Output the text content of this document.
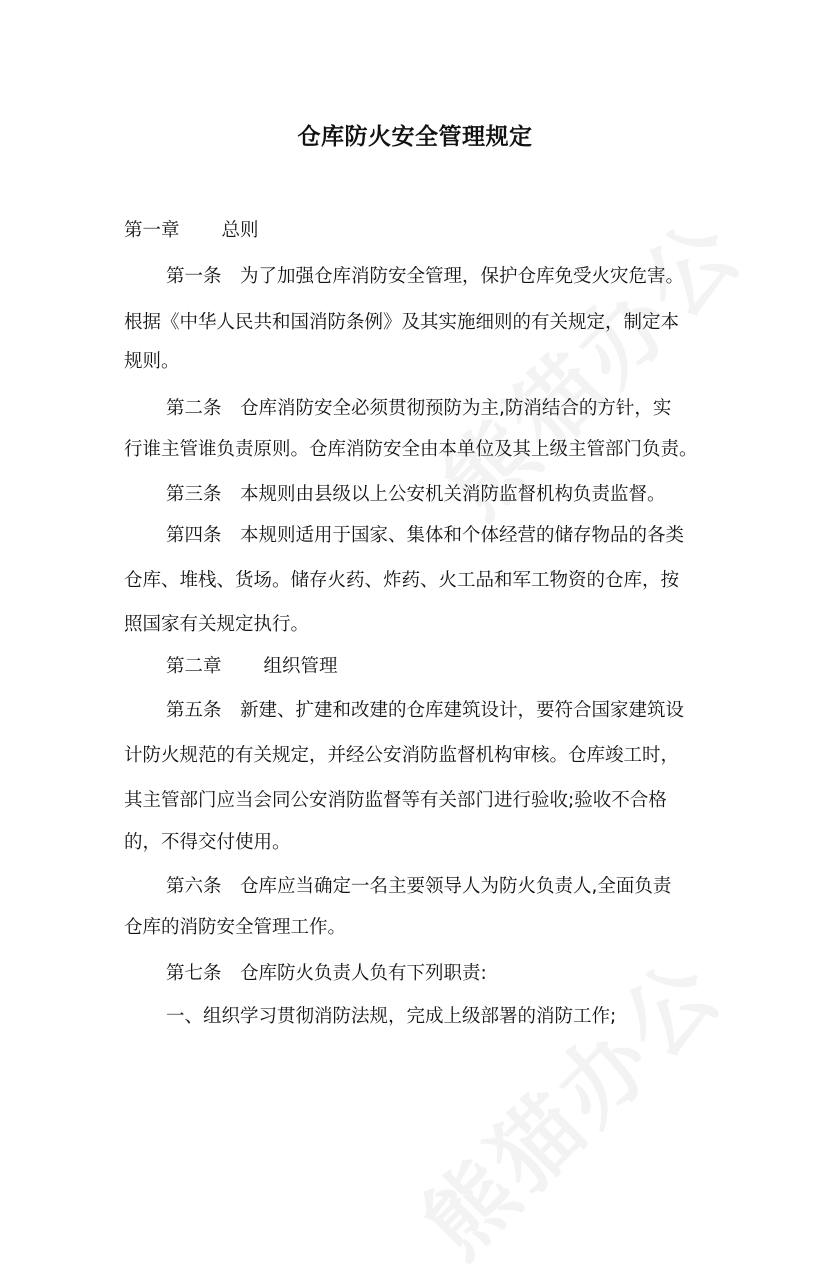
仓库防火安全管理规定
第一章 总则
第一条　为了加强仓库消防安全管理，保护仓库免受火灾危害。
根据《中华人民共和国消防条例》及其实施细则的有关规定，制定本
规则。
第二条　仓库消防安全必须贯彻预防为主,防消结合的方针，实
行谁主管谁负责原则。仓库消防安全由本单位及其上级主管部门负责。
第三条　本规则由县级以上公安机关消防监督机构负责监督。
第四条　本规则适用于国家、集体和个体经营的储存物品的各类
仓库、堆栈、货场。储存火药、炸药、火工品和军工物资的仓库，按
照国家有关规定执行。
第二章 组织管理
第五条　新建、扩建和改建的仓库建筑设计，要符合国家建筑设
计防火规范的有关规定，并经公安消防监督机构审核。仓库竣工时，
其主管部门应当会同公安消防监督等有关部门进行验收;验收不合格
的，不得交付使用。
第六条　仓库应当确定一名主要领导人为防火负责人,全面负责
仓库的消防安全管理工作。
第七条　仓库防火负责人负有下列职责:
一、组织学习贯彻消防法规，完成上级部署的消防工作;
